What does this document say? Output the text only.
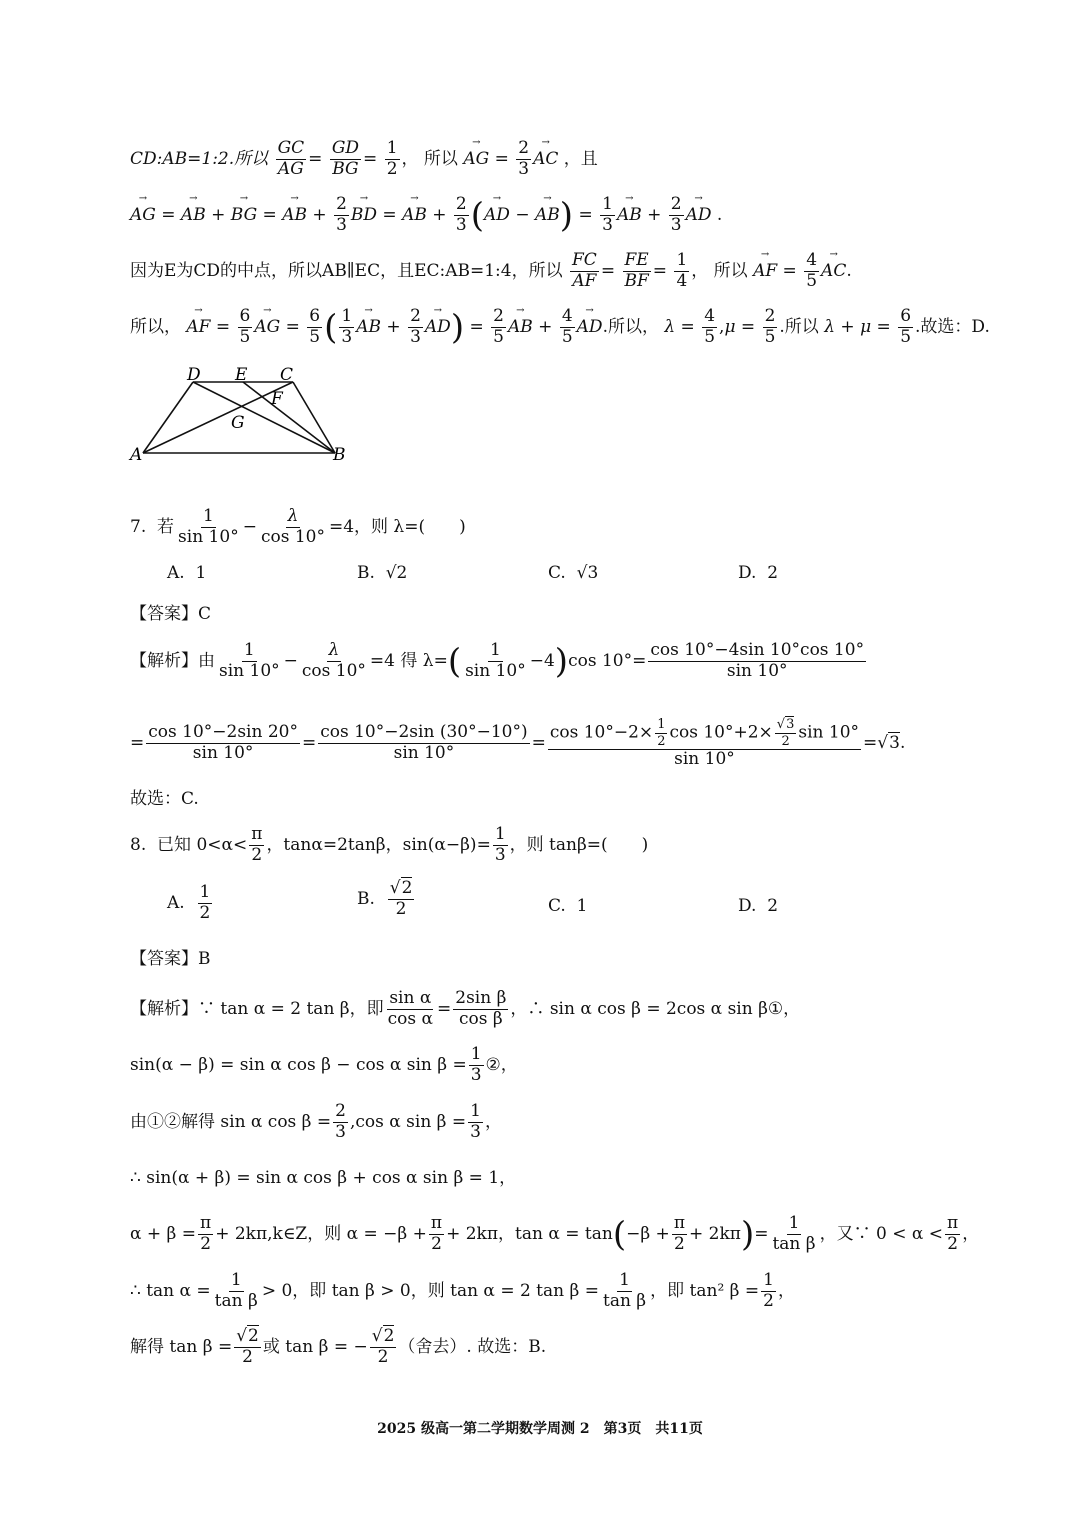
CD:AB=1:2.所以 $\frac{GC}{AG} = \frac{GD}{BG} = \frac{1}{2}$ ， 所以 → AG = $\frac{2}{3}$
→ AC ，且
→ AG = → AB + → BG = → AB + $\frac{2}{3}$
→ BD = → AB + $\frac{2}{3}$ (→ AD − → $AB) = \frac{1}{3}$
→ AB + $\frac{2}{3}$
→ AD .
因为E为CD的中点，所以AB∥EC，且EC:AB=1:4，所以 $\frac{FC}{AF} = \frac{FE}{BF} = \frac{1}{4}$ ， 所以 → AF = $\frac{4}{5}$
→ AC.
所以， → AF = $\frac{6}{5}$
→ AG = $\frac{6}{5}$ ( $\frac{1}{3}$
→ AB + $\frac{2}{3}$
→ $AD) = \frac{2}{5}$
→ AB + $\frac{4}{5}$
→ AD.所以， $\lambda = \frac{4}{5} ,\mu = \frac{2}{5}$ .所以 $\lambda + \mu = \frac{6}{5}$ .故选：D.
D E C
F
G
A	B
7. 若 $\frac{1}{\sin 10^\circ} - \frac{\lambda}{\cos 10^\circ} =4$，则 λ=(　　)
A. 1	B. √2	C. √3	D. 2
【答案】C
【解析】由 $\frac{1}{\sin 10^\circ} - \frac{\lambda}{\cos 10^\circ} =4$ 得 $\lambda=( \frac{1}{\sin 10^\circ} -4)\cos$ $10^\circ= \frac{\cos 10^\circ-4\sin 10^\circ\cos 10^\circ}{\sin 10^\circ}$
= $\frac{\cos 10^\circ-2\sin 20^\circ}{\sin 10^\circ} = \frac{\cos 10^\circ-2\sin (30^\circ-10^\circ)}{\sin 10^\circ} = \frac{\cos 10^\circ-2\times \frac{1}{2} \cos 10^\circ+2\times \frac{√3}{2} \sin 10^\circ}{\sin 10^\circ} =√3$.
故选：C.
8. 已知 $0<\alpha< \frac{\pi}{2}$ ，tanα=2tanβ，$\sin(\alpha-\beta)= \frac{1}{3}$ ，则 tanβ=(　　)
A. $\frac{1}{2}$	B. $\frac{√2}{2}$	C. 1	D. 2
【答案】B
【解析】∵ tan α = 2 tan β，即 $\frac{\text{sin α}}{\text{cos α}} = \frac{\text{2sin β}}{\text{cos β}}$ ，∴ sin α cos β = 2cos α sin β①，
sin(α − β) = sin α cos β − cos α $\sin \beta = \frac{1}{3}$ ②，
由①②解得 sin α $\cos \beta = \frac{2}{3} ,\cos$ α $\sin \beta = \frac{1}{3}$ ，
∴ sin(α + β) = sin α cos β + cos α sin β = 1，
$\alpha + \beta = \frac{\pi}{2}$ + 2kπ,k∈Z，则 $\alpha = -\beta + \frac{\pi}{2} + 2k\pi$，$\tan \alpha = \tan(-\beta + \frac{\pi}{2} + 2k\pi)= \frac{1}{\text{tan β}}$ ，又∵ $0 < \alpha < \frac{\pi}{2}$ ，
∴ $\tan \alpha = \frac{1}{\text{tan β}} > 0$，即 tan β > 0，则 tan α = 2 $\tan \beta = \frac{1}{\text{tan β}}$ ，即 tan² $\beta = \frac{1}{2}$ ，
解得 $\tan \beta = \frac{√2}{2}$ 或 tan β = − $\frac{√2}{2}$ （舍去）. 故选：B.
2025 级高一第二学期数学周测 2　第3页　共11页
